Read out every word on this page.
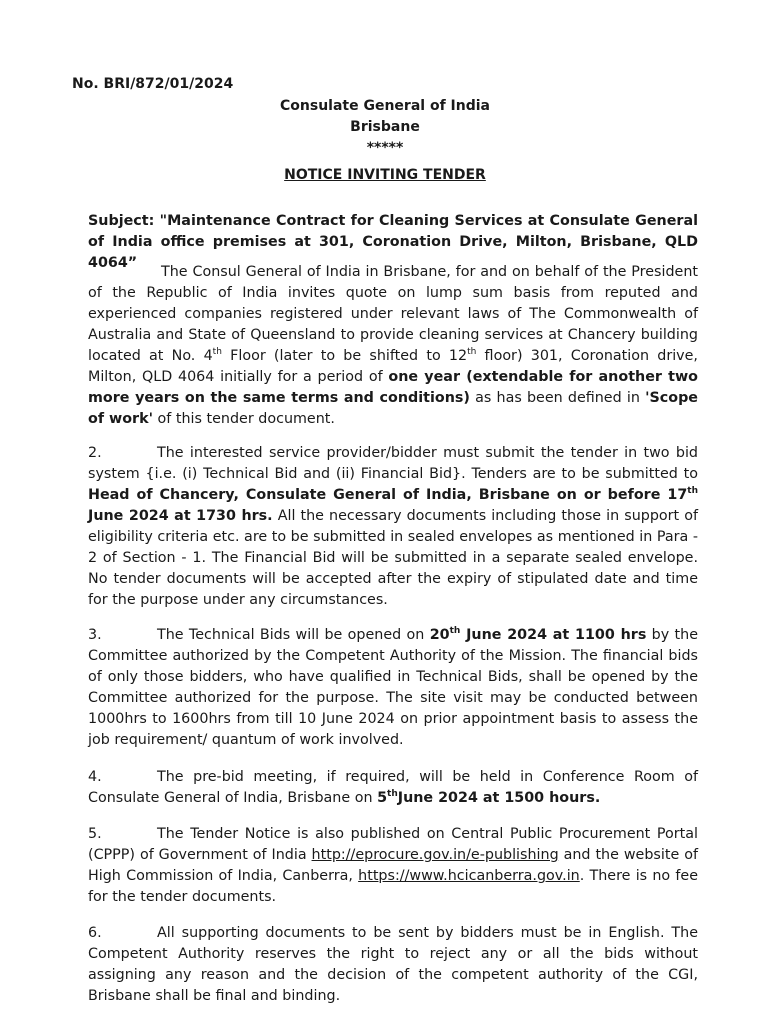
No. BRI/872/01/2024
Consulate General of India
Brisbane
*****
NOTICE INVITING TENDER
Subject: "Maintenance Contract for Cleaning Services at Consulate General of India office premises at 301, Coronation Drive, Milton, Brisbane, QLD 4064”
The Consul General of India in Brisbane, for and on behalf of the President of the Republic of India invites quote on lump sum basis from reputed and experienced companies registered under relevant laws of The Commonwealth of Australia and State of Queensland to provide cleaning services at Chancery building located at No. 4th Floor (later to be shifted to 12th floor) 301, Coronation drive, Milton, QLD 4064 initially for a period of one year (extendable for another two more years on the same terms and conditions) as has been defined in 'Scope of work' of this tender document.
2.	The interested service provider/bidder must submit the tender in two bid system {i.e. (i) Technical Bid and (ii) Financial Bid}. Tenders are to be submitted to Head of Chancery, Consulate General of India, Brisbane on or before 17th June 2024 at 1730 hrs. All the necessary documents including those in support of eligibility criteria etc. are to be submitted in sealed envelopes as mentioned in Para - 2 of Section - 1. The Financial Bid will be submitted in a separate sealed envelope. No tender documents will be accepted after the expiry of stipulated date and time for the purpose under any circumstances.
3.	The Technical Bids will be opened on 20th June 2024 at 1100 hrs by the Committee authorized by the Competent Authority of the Mission. The financial bids of only those bidders, who have qualified in Technical Bids, shall be opened by the Committee authorized for the purpose. The site visit may be conducted between 1000hrs to 1600hrs from till 10 June 2024 on prior appointment basis to assess the job requirement/ quantum of work involved.
4.	The pre-bid meeting, if required, will be held in Conference Room of Consulate General of India, Brisbane on 5thJune 2024 at 1500 hours.
5.	The Tender Notice is also published on Central Public Procurement Portal (CPPP) of Government of India http://eprocure.gov.in/e-publishing and the website of High Commission of India, Canberra, https://www.hcicanberra.gov.in. There is no fee for the tender documents.
6.	All supporting documents to be sent by bidders must be in English. The Competent Authority reserves the right to reject any or all the bids without assigning any reason and the decision of the competent authority of the CGI, Brisbane shall be final and binding.
